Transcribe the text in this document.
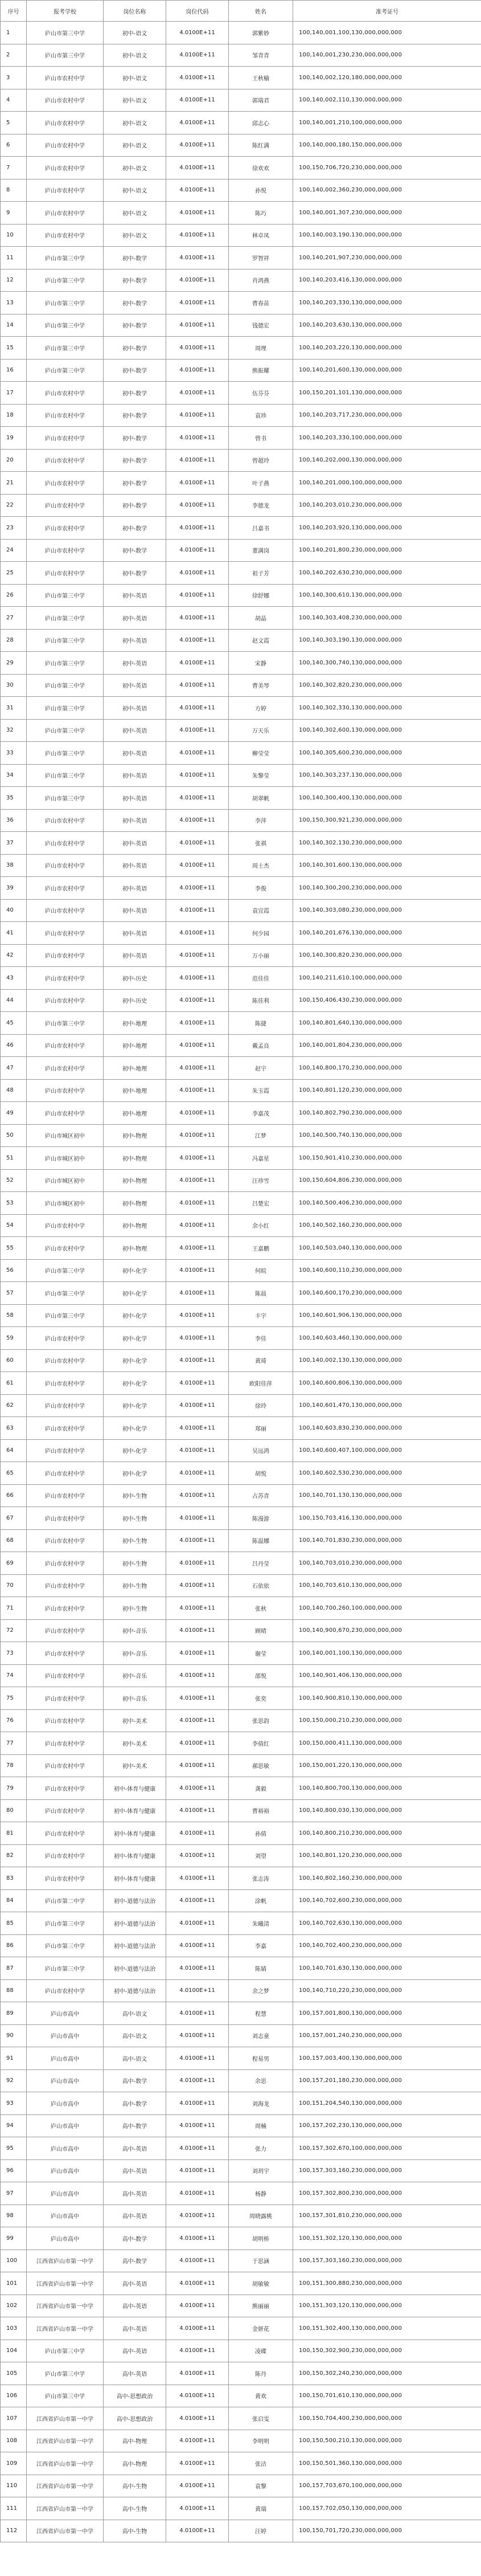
序号	报考学校	岗位名称	岗位代码	姓名	准考证号
1	庐山市第三中学	初中-语文	4.0100E+11	郭紫妙	100,140,001,100,130,000,000,000
2	庐山市第三中学	初中-语文	4.0100E+11	邹青青	100,140,001,230,230,000,000,000
3	庐山市农村中学	初中-语文	4.0100E+11	王秋榆	100,140,002,120,180,000,000,000
4	庐山市农村中学	初中-语文	4.0100E+11	郭瑞君	100,140,002,110,130,000,000,000
5	庐山市农村中学	初中-语文	4.0100E+11	邱志心	100,140,001,210,100,000,000,000
6	庐山市农村中学	初中-语文	4.0100E+11	陈红满	100,140,000,180,150,000,000,000
7	庐山市农村中学	初中-语文	4.0100E+11	徐欢欢	100,150,706,720,230,000,000,000
8	庐山市农村中学	初中-语文	4.0100E+11	孙悦	100,140,002,360,230,000,000,000
9	庐山市农村中学	初中-语文	4.0100E+11	陈巧	100,140,001,307,230,000,000,000
10	庐山市农村中学	初中-语文	4.0100E+11	林卓凤	100,140,003,190,130,000,000,000
11	庐山市第三中学	初中-数学	4.0100E+11	罗智祥	100,140,201,907,230,000,000,000
12	庐山市第三中学	初中-数学	4.0100E+11	肖鸿燕	100,140,203,416,130,000,000,000
13	庐山市第三中学	初中-数学	4.0100E+11	曹春苗	100,140,203,330,130,000,000,000
14	庐山市第三中学	初中-数学	4.0100E+11	钱德宏	100,140,203,630,130,000,000,000
15	庐山市第三中学	初中-数学	4.0100E+11	周理	100,140,203,220,130,000,000,000
16	庐山市第三中学	初中-数学	4.0100E+11	熊振耀	100,140,201,600,130,000,000,000
17	庐山市农村中学	初中-数学	4.0100E+11	伍芬芬	100,150,201,101,130,000,000,000
18	庐山市农村中学	初中-数学	4.0100E+11	袁珍	100,140,203,717,230,000,000,000
19	庐山市农村中学	初中-数学	4.0100E+11	曾书	100,140,203,330,100,000,000,000
20	庐山市农村中学	初中-数学	4.0100E+11	曾超玲	100,140,202,000,130,000,000,000
21	庐山市农村中学	初中-数学	4.0100E+11	叶子燕	100,140,201,000,100,000,000,000
22	庐山市农村中学	初中-数学	4.0100E+11	李德龙	100,140,203,010,230,000,000,000
23	庐山市农村中学	初中-数学	4.0100E+11	吕嘉书	100,140,203,920,130,000,000,000
24	庐山市农村中学	初中-数学	4.0100E+11	董满岗	100,140,201,800,230,000,000,000
25	庐山市农村中学	初中-数学	4.0100E+11	祖子芳	100,140,202,630,230,000,000,000
26	庐山市第三中学	初中-英语	4.0100E+11	徐舒娜	100,140,300,610,130,000,000,000
27	庐山市第三中学	初中-英语	4.0100E+11	胡晶	100,140,303,408,230,000,000,000
28	庐山市第三中学	初中-英语	4.0100E+11	赵文霞	100,140,303,190,130,000,000,000
29	庐山市第三中学	初中-英语	4.0100E+11	宋静	100,140,300,740,130,000,000,000
30	庐山市第三中学	初中-英语	4.0100E+11	曹美琴	100,140,302,820,230,000,000,000
31	庐山市第三中学	初中-英语	4.0100E+11	方婷	100,140,302,330,130,000,000,000
32	庐山市第三中学	初中-英语	4.0100E+11	万天乐	100,140,302,600,130,000,000,000
33	庐山市第三中学	初中-英语	4.0100E+11	柳莹莹	100,140,305,600,230,000,000,000
34	庐山市第三中学	初中-英语	4.0100E+11	朱黎莹	100,140,303,237,130,000,000,000
35	庐山市第三中学	初中-英语	4.0100E+11	胡翠帆	100,140,300,400,130,000,000,000
36	庐山市农村中学	初中-英语	4.0100E+11	李萍	100,150,300,921,230,000,000,000
37	庐山市农村中学	初中-英语	4.0100E+11	张祺	100,140,302,130,230,000,000,000
38	庐山市农村中学	初中-英语	4.0100E+11	周士杰	100,140,301,600,130,000,000,000
39	庐山市农村中学	初中-英语	4.0100E+11	李俊	100,140,300,200,230,000,000,000
40	庐山市农村中学	初中-英语	4.0100E+11	袁宜霞	100,140,303,080,230,000,000,000
41	庐山市农村中学	初中-英语	4.0100E+11	何少园	100,140,201,676,130,000,000,000
42	庐山市农村中学	初中-英语	4.0100E+11	万小丽	100,140,300,820,230,000,000,000
43	庐山市农村中学	初中-历史	4.0100E+11	范佳佳	100,140,211,610,100,000,000,000
44	庐山市农村中学	初中-历史	4.0100E+11	陈佳利	100,150,406,430,230,000,000,000
45	庐山市第三中学	初中-地理	4.0100E+11	陈捷	100,140,801,640,130,000,000,000
46	庐山市农村中学	初中-地理	4.0100E+11	戴孟良	100,140,001,804,230,000,000,000
47	庐山市农村中学	初中-地理	4.0100E+11	赵宇	100,140,800,170,230,000,000,000
48	庐山市农村中学	初中-地理	4.0100E+11	朱玉霞	100,140,801,120,230,000,000,000
49	庐山市农村中学	初中-地理	4.0100E+11	李嘉茂	100,140,802,790,230,000,000,000
50	庐山市城区初中	初中-物理	4.0100E+11	江梦	100,140,500,740,130,000,000,000
51	庐山市城区初中	初中-物理	4.0100E+11	冯嘉星	100,150,901,410,230,000,000,000
52	庐山市城区初中	初中-物理	4.0100E+11	汪珍雪	100,150,604,806,230,000,000,000
53	庐山市城区初中	初中-物理	4.0100E+11	吕楚宏	100,140,500,406,230,000,000,000
54	庐山市农村中学	初中-物理	4.0100E+11	余小红	100,140,502,160,230,000,000,000
55	庐山市农村中学	初中-物理	4.0100E+11	王嘉鹏	100,140,503,040,130,000,000,000
56	庐山市第三中学	初中-化学	4.0100E+11	何皖	100,140,600,110,230,000,000,000
57	庐山市第三中学	初中-化学	4.0100E+11	陈晨	100,140,600,170,230,000,000,000
58	庐山市第三中学	初中-化学	4.0100E+11	丰宇	100,140,601,906,130,000,000,000
59	庐山市农村中学	初中-化学	4.0100E+11	李佳	100,140,603,460,130,000,000,000
60	庐山市农村中学	初中-化学	4.0100E+11	黄琦	100,140,002,130,130,000,000,000
61	庐山市农村中学	初中-化学	4.0100E+11	欧阳佳萍	100,140,600,806,130,000,000,000
62	庐山市农村中学	初中-化学	4.0100E+11	徐玲	100,140,601,470,130,000,000,000
63	庐山市农村中学	初中-化学	4.0100E+11	郑丽	100,140,603,830,230,000,000,000
64	庐山市农村中学	初中-化学	4.0100E+11	吴远鸿	100,140,600,407,100,000,000,000
65	庐山市农村中学	初中-化学	4.0100E+11	胡悦	100,140,602,530,230,000,000,000
66	庐山市农村中学	初中-生物	4.0100E+11	占苏青	100,140,701,130,130,000,000,000
67	庐山市农村中学	初中-生物	4.0100E+11	陈漫游	100,150,703,416,130,000,000,000
68	庐山市农村中学	初中-生物	4.0100E+11	陈温娜	100,140,701,830,230,000,000,000
69	庐山市农村中学	初中-生物	4.0100E+11	吕丹莹	100,140,703,010,230,000,000,000
70	庐山市农村中学	初中-生物	4.0100E+11	石依依	100,140,703,610,130,000,000,000
71	庐山市农村中学	初中-生物	4.0100E+11	张秋	100,140,700,260,100,000,000,000
72	庐山市农村中学	初中-音乐	4.0100E+11	顾晴	100,140,900,670,230,000,000,000
73	庐山市农村中学	初中-音乐	4.0100E+11	谢莹	100,140,001,100,130,000,000,000
74	庐山市农村中学	初中-音乐	4.0100E+11	邵悦	100,140,901,406,130,000,000,000
75	庐山市农村中学	初中-音乐	4.0100E+11	张奕	100,140,900,810,130,000,000,000
76	庐山市农村中学	初中-美术	4.0100E+11	张思韵	100,150,000,210,230,000,000,000
77	庐山市农村中学	初中-美术	4.0100E+11	李倩红	100,150,000,411,130,000,000,000
78	庐山市农村中学	初中-美术	4.0100E+11	郝思敏	100,150,001,220,130,000,000,000
79	庐山市农村中学	初中-体育与健康	4.0100E+11	龚毅	100,140,800,700,130,000,000,000
80	庐山市农村中学	初中-体育与健康	4.0100E+11	曹裕裕	100,140,800,030,130,000,000,000
81	庐山市农村中学	初中-体育与健康	4.0100E+11	孙倩	100,140,800,210,230,000,000,000
82	庐山市农村中学	初中-体育与健康	4.0100E+11	刘望	100,140,801,120,230,000,000,000
83	庐山市农村中学	初中-体育与健康	4.0100E+11	张志涛	100,140,802,160,230,000,000,000
84	庐山市第二中学	初中-道德与法治	4.0100E+11	涂帆	100,140,702,600,230,000,000,000
85	庐山市第三中学	初中-道德与法治	4.0100E+11	朱曦清	100,140,702,630,130,000,000,000
86	庐山市第三中学	初中-道德与法治	4.0100E+11	李嘉	100,140,702,400,230,000,000,000
87	庐山市第三中学	初中-道德与法治	4.0100E+11	陈婧	100,140,701,630,130,000,000,000
88	庐山市农村中学	初中-道德与法治	4.0100E+11	余之梦	100,140,710,220,230,000,000,000
89	庐山市高中	高中-语文	4.0100E+11	程慧	100,157,001,800,130,000,000,000
90	庐山市高中	高中-语文	4.0100E+11	刘志童	100,157,001,240,230,000,000,000
91	庐山市高中	高中-语文	4.0100E+11	程易男	100,157,003,400,130,000,000,000
92	庐山市高中	高中-数学	4.0100E+11	余思	100,157,201,180,230,000,000,000
93	庐山市高中	高中-数学	4.0100E+11	刘海龙	100,151,204,540,130,000,000,000
94	庐山市高中	高中-数学	4.0100E+11	周楠	100,157,202,230,130,000,000,000
95	庐山市高中	高中-英语	4.0100E+11	张力	100,157,302,670,100,000,000,000
96	庐山市高中	高中-英语	4.0100E+11	刘玥宇	100,157,303,160,230,000,000,000
97	庐山市高中	高中-英语	4.0100E+11	杨静	100,157,302,800,230,000,000,000
98	庐山市高中	高中-英语	4.0100E+11	周晓露桃	100,157,301,810,230,000,000,000
99	庐山市高中	高中-数学	4.0100E+11	胡明桥	100,151,302,120,130,000,000,000
100	江西省庐山市第一中学	高中-数学	4.0100E+11	于思涵	100,157,303,160,230,000,000,000
101	江西省庐山市第一中学	高中-英语	4.0100E+11	胡敏敏	100,151,300,880,230,000,000,000
102	江西省庐山市第一中学	高中-英语	4.0100E+11	熊丽丽	100,151,303,120,130,000,000,000
103	江西省庐山市第一中学	高中-英语	4.0100E+11	金妍花	100,151,302,400,130,000,000,000
104	庐山市第三中学	高中-英语	4.0100E+11	凌碟	100,150,302,900,230,000,000,000
105	庐山市第三中学	高中-英语	4.0100E+11	陈丹	100,150,302,240,230,000,000,000
106	庐山市第三中学	高中-思想政治	4.0100E+11	黄欢	100,150,701,610,130,000,000,000
107	江西省庐山市第一中学	高中-思想政治	4.0100E+11	张启雯	100,150,704,400,230,000,000,000
108	江西省庐山市第一中学	高中-物理	4.0100E+11	李明明	100,150,500,210,130,000,000,000
109	江西省庐山市第一中学	高中-物理	4.0100E+11	张洁	100,150,501,360,130,000,000,000
110	江西省庐山市第一中学	高中-生物	4.0100E+11	袁黎	100,157,703,670,100,000,000,000
111	江西省庐山市第一中学	高中-生物	4.0100E+11	黄瑞	100,157,702,050,130,000,000,000
112	江西省庐山市第一中学	高中-生物	4.0100E+11	汪婷	100,150,701,720,230,000,000,000
